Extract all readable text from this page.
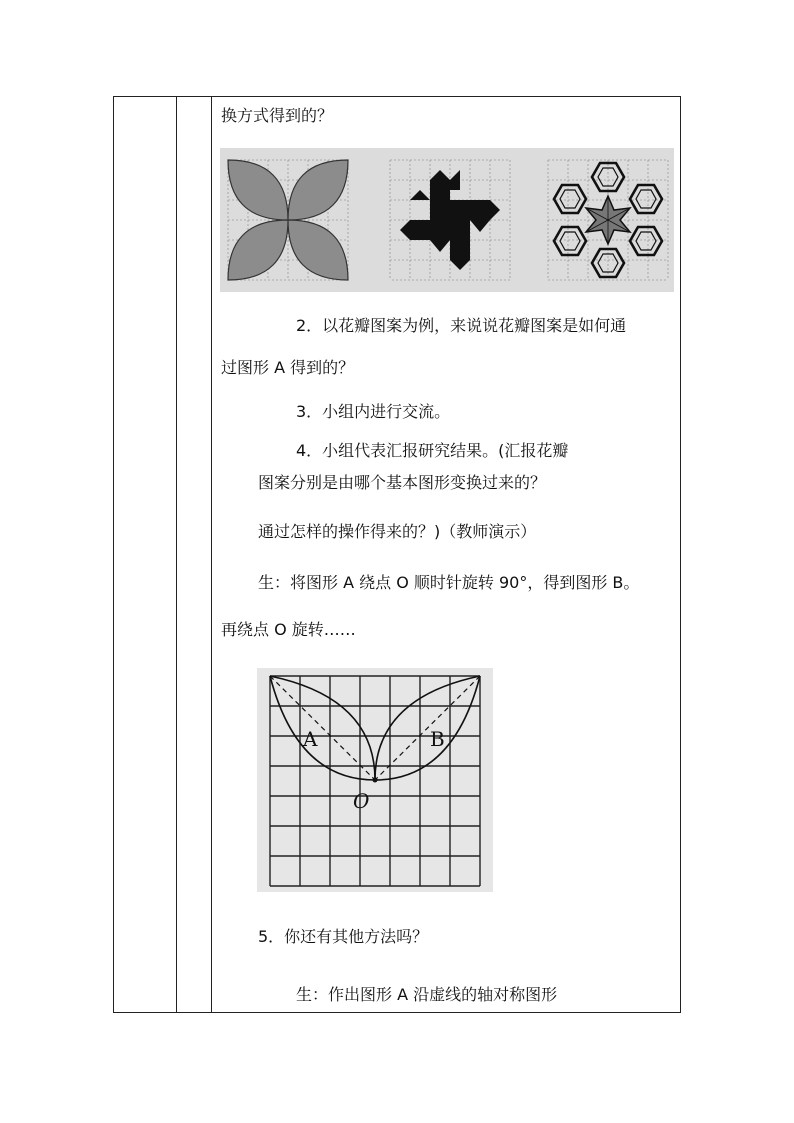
换方式得到的？
2．以花瓣图案为例，来说说花瓣图案是如何通
过图形 A 得到的？
3．小组内进行交流。
4．小组代表汇报研究结果。(汇报花瓣
图案分别是由哪个基本图形变换过来的？
通过怎样的操作得来的？)（教师演示）
生：将图形 A 绕点 O 顺时针旋转 90°，得到图形 B。
再绕点 O 旋转……
A	B
O
5．你还有其他方法吗？
生：作出图形 A 沿虚线的轴对称图形
